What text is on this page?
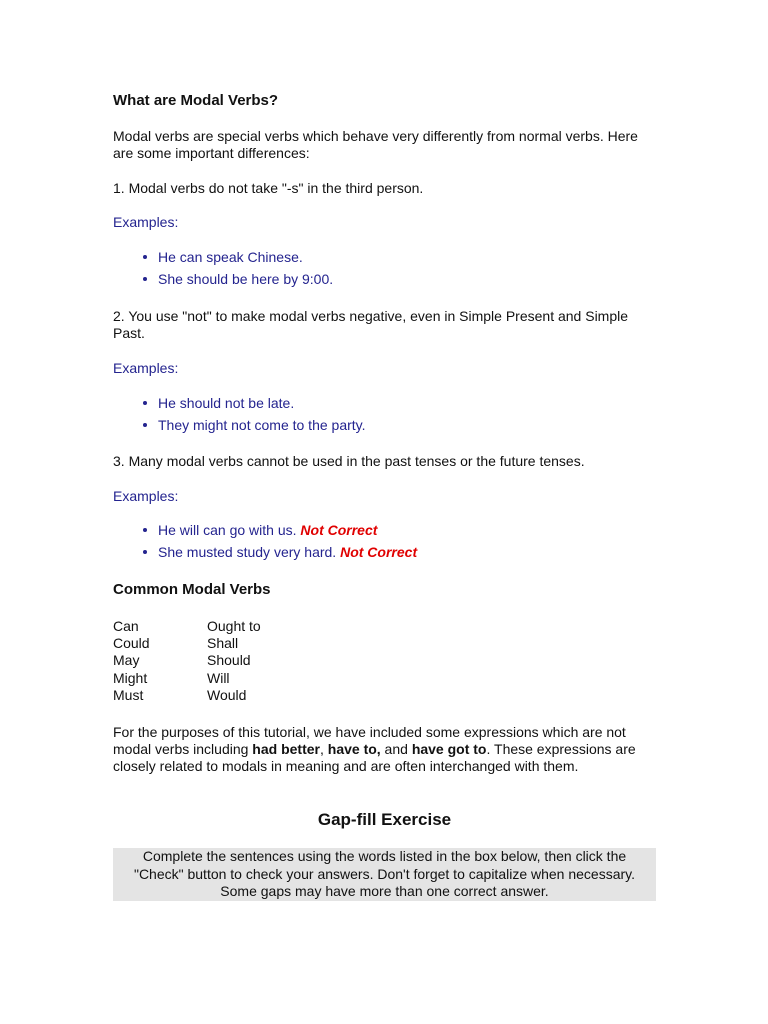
What are Modal Verbs?

Modal verbs are special verbs which behave very differently from normal verbs. Here are some important differences:

1. Modal verbs do not take "-s" in the third person.

Examples:

He can speak Chinese.
She should be here by 9:00.

2. You use "not" to make modal verbs negative, even in Simple Present and Simple Past.

Examples:

He should not be late.
They might not come to the party.

3. Many modal verbs cannot be used in the past tenses or the future tenses.

Examples:

He will can go with us. Not Correct
She musted study very hard. Not Correct
Common Modal Verbs
Can
Could
May
Might
Must
Ought to
Shall
Should
Will
Would

For the purposes of this tutorial, we have included some expressions which are not modal verbs including had better, have to, and have got to. These expressions are closely related to modals in meaning and are often interchanged with them.

Gap-fill Exercise
Complete the sentences using the words listed in the box below, then click the
"Check" button to check your answers. Don't forget to capitalize when necessary.
Some gaps may have more than one correct answer.
